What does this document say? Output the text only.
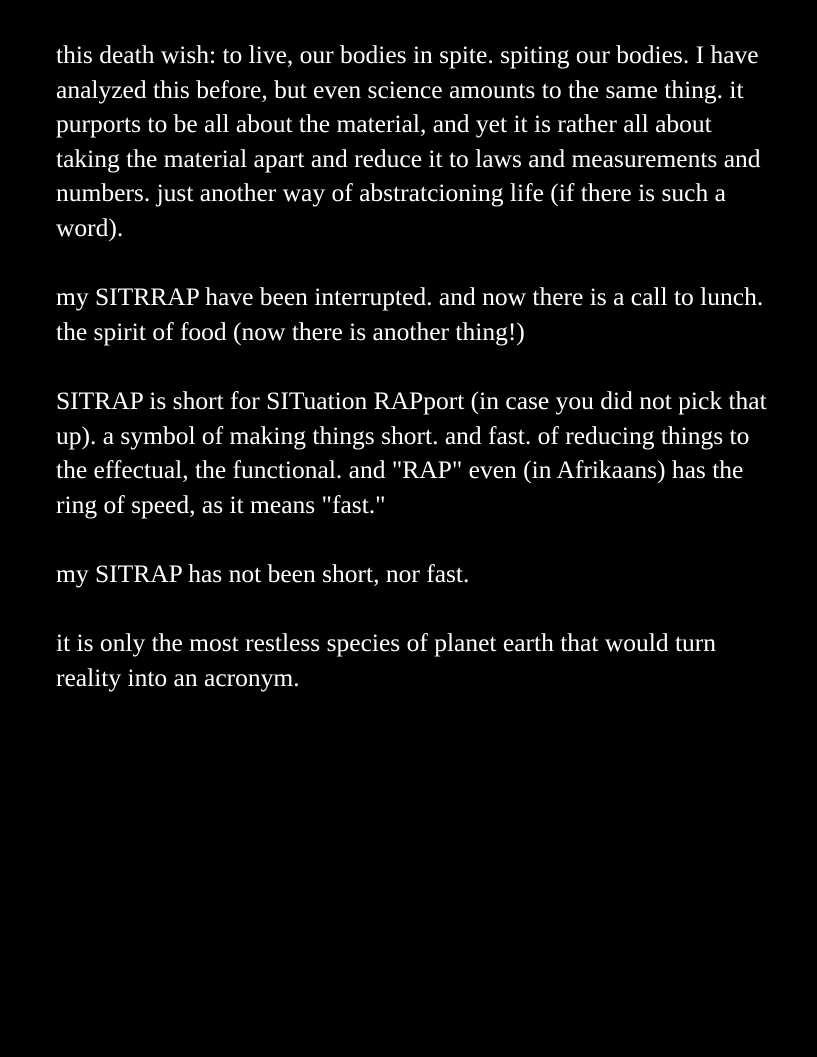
this death wish: to live, our bodies in spite. spiting our bodies. I have analyzed this before, but even science amounts to the same thing. it purports to be all about the material, and yet it is rather all about taking the material apart and reduce it to laws and measurements and numbers. just another way of abstratcioning life (if there is such a word).

my SITRRAP have been interrupted. and now there is a call to lunch. the spirit of food (now there is another thing!)

SITRAP is short for SITuation RAPport (in case you did not pick that up). a symbol of making things short. and fast. of reducing things to the effectual, the functional. and "RAP" even (in Afrikaans) has the ring of speed, as it means "fast."

my SITRAP has not been short, nor fast.

it is only the most restless species of planet earth that would turn reality into an acronym.
